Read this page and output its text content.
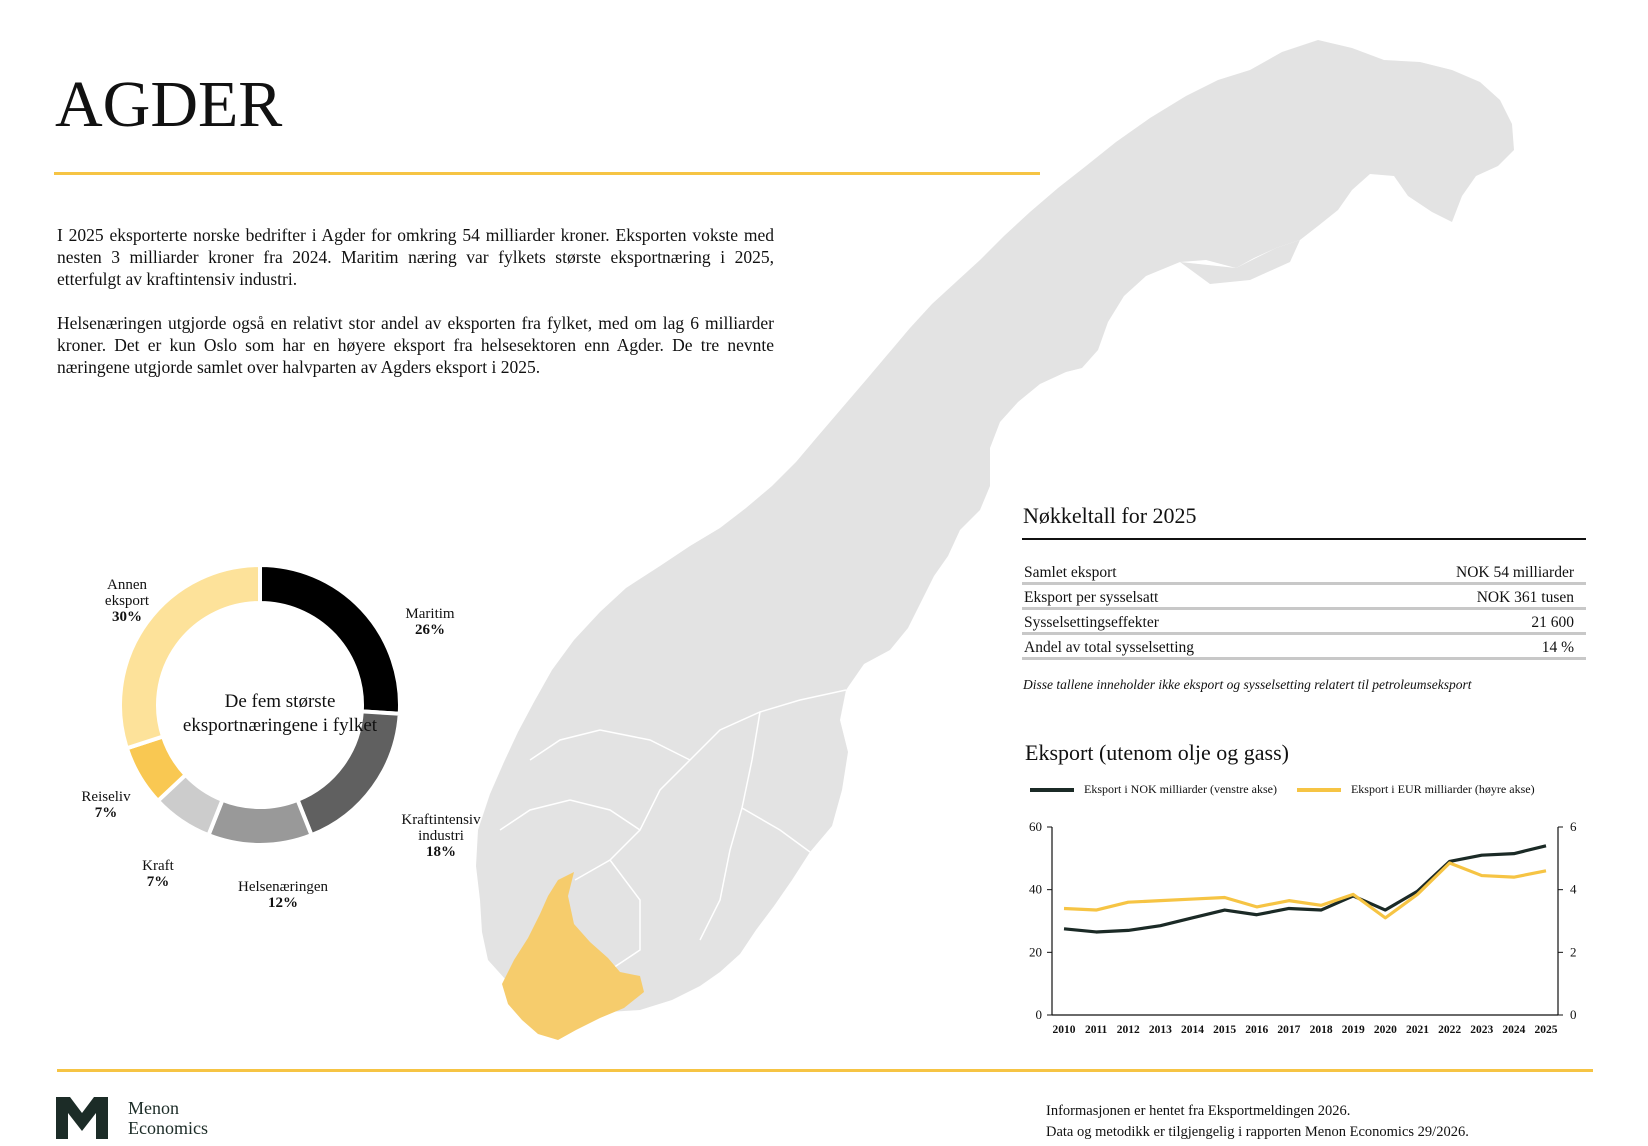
AGDER

I 2025 eksporterte norske bedrifter i Agder for omkring 54 milliarder kroner. Eksporten vokste med nesten 3 milliarder kroner fra 2024. Maritim næring var fylkets største eksportnæring i 2025, etterfulgt av kraftintensiv industri.

Helsenæringen utgjorde også en relativt stor andel av eksporten fra fylket, med om lag 6 milliarder kroner. Det er kun Oslo som har en høyere eksport fra helsesektoren enn Agder. De tre nevnte næringene utgjorde samlet over halvparten av Agders eksport i 2025.

De fem største eksportnæringene i fylket
Maritim
26%
Kraftintensiv industri
18%
Helsenæringen
12%
Kraft
7%
Reiseliv
7%
Annen eksport
30%
Nøkkeltall for 2025
Samlet eksport	NOK 54 milliarder
Eksport per sysselsatt	NOK 361 tusen
Sysselsettingseffekter	21 600
Andel av total sysselsetting	14 %
Disse tallene inneholder ikke eksport og sysselsetting relatert til petroleumseksport
Eksport (utenom olje og gass)
Eksport i NOK milliarder (venstre akse)	Eksport i EUR milliarder (høyre akse)
0
20
40
60
0
2
4
6
2010 2011 2012 2013 2014 2015 2016 2017 2018 2019 2020 2021 2022 2023 2024 2025
Menon
Economics
Informasjonen er hentet fra Eksportmeldingen 2026.
Data og metodikk er tilgjengelig i rapporten Menon Economics 29/2026.
